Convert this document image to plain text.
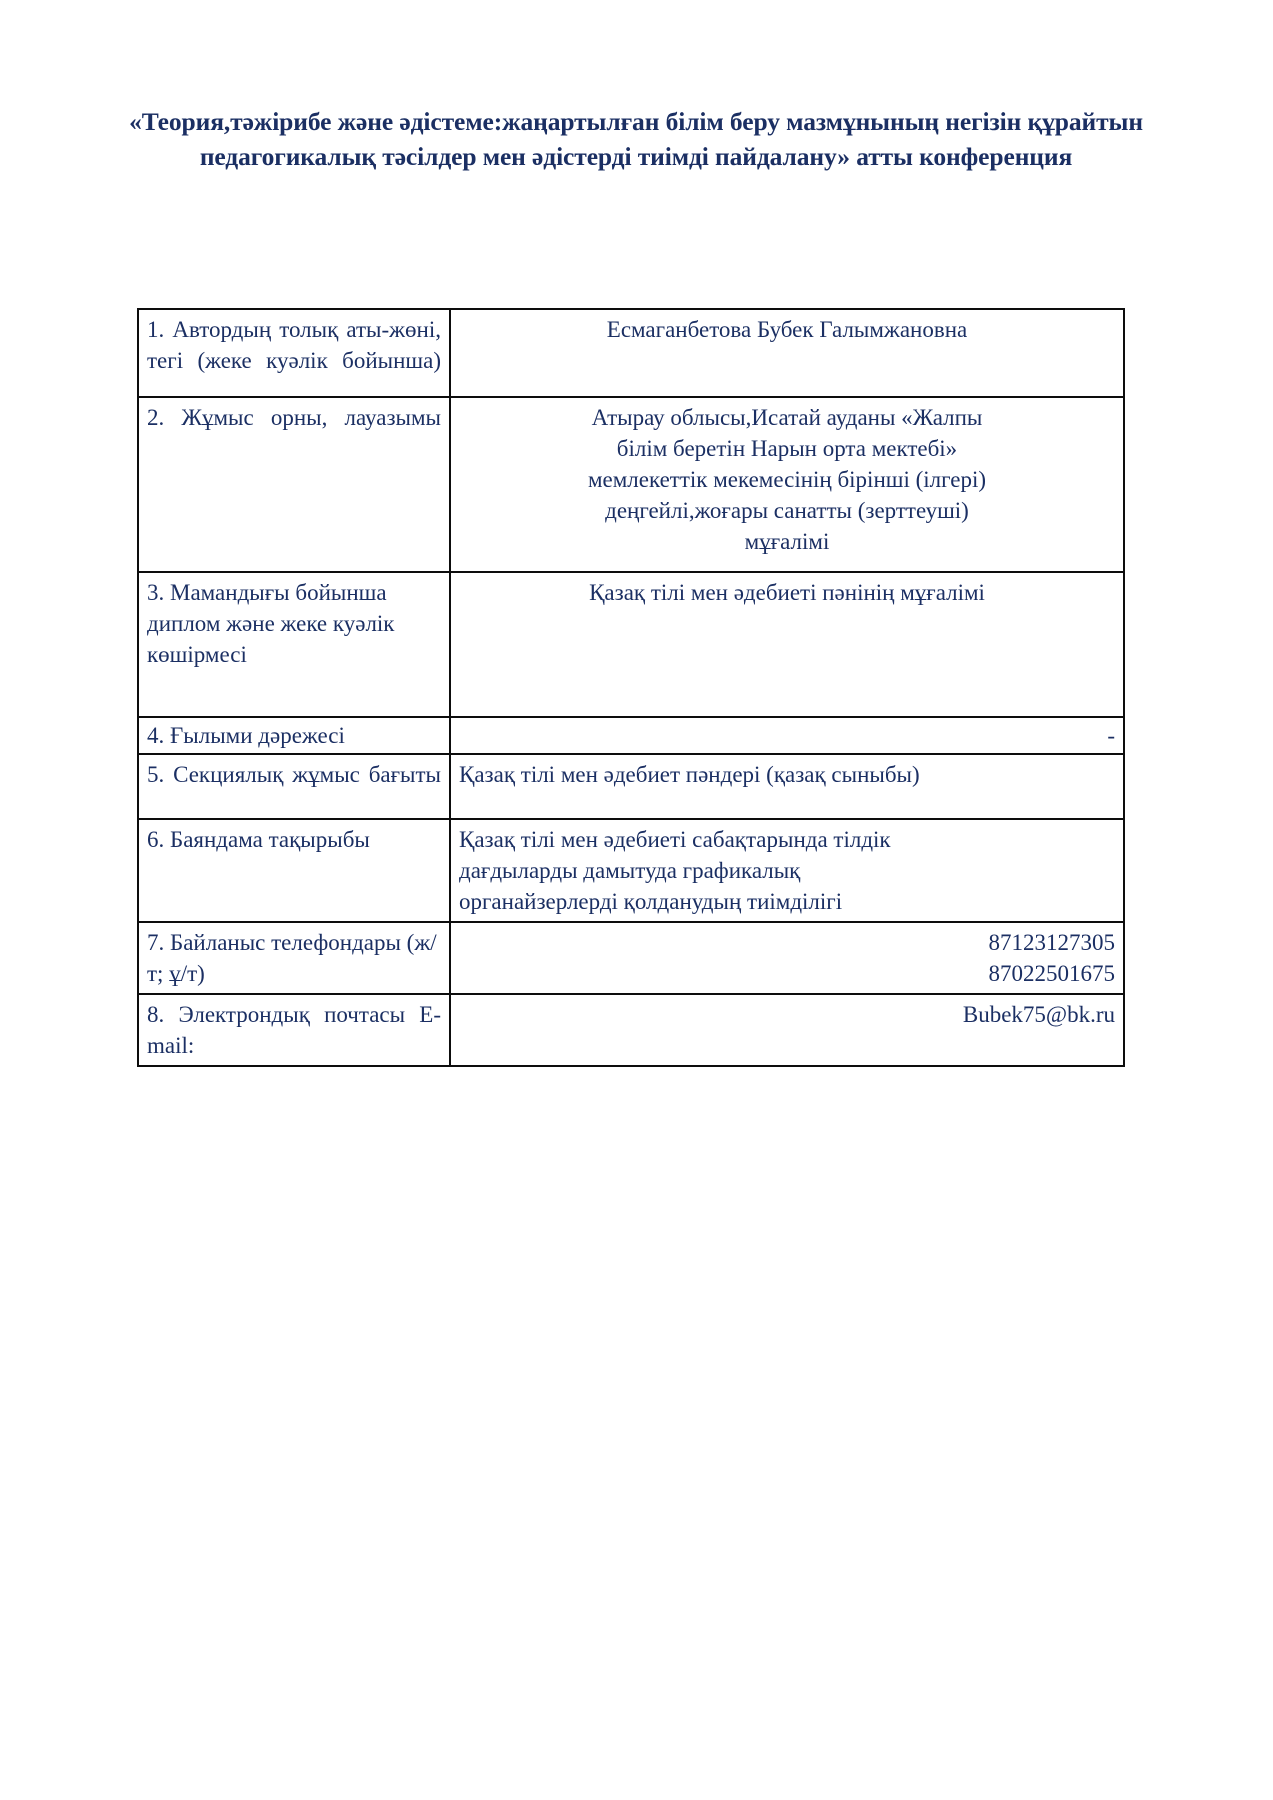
«Теория,тәжірибе және әдістеме:жаңартылған білім беру мазмұнының негізін құрайтын педагогикалық тәсілдер мен әдістерді тиімді пайдалану» атты конференция
1. Автордың толық аты-жөні, тегі (жеке куәлік бойынша)	Есмаганбетова Бубек Галымжановна
2. Жұмыс орны, лауазымы	Атырау облысы,Исатай ауданы «Жалпы
білім беретін Нарын орта мектебі»
мемлекеттік мекемесінің бірінші (ілгері)
деңгейлі,жоғары санатты (зерттеуші)
мұғалімі

3. Мамандығы бойынша диплом және жеке куәлік көшірмесі	Қазақ тілі мен әдебиеті пәнінің мұғалімі
4. Ғылыми дәрежесі	-
5. Секциялық жұмыс бағыты	Қазақ тілі мен әдебиет пәндері (қазақ сыныбы)
6. Баяндама тақырыбы	Қазақ тілі мен әдебиеті сабақтарында тілдік
дағдыларды дамытуда графикалық
органайзерлерді қолданудың тиімділігі

7. Байланыс телефондары (ж/т; ұ/т)	87123127305
87022501675

8. Электрондық почтасы E-mail:	Bubek75@bk.ru
